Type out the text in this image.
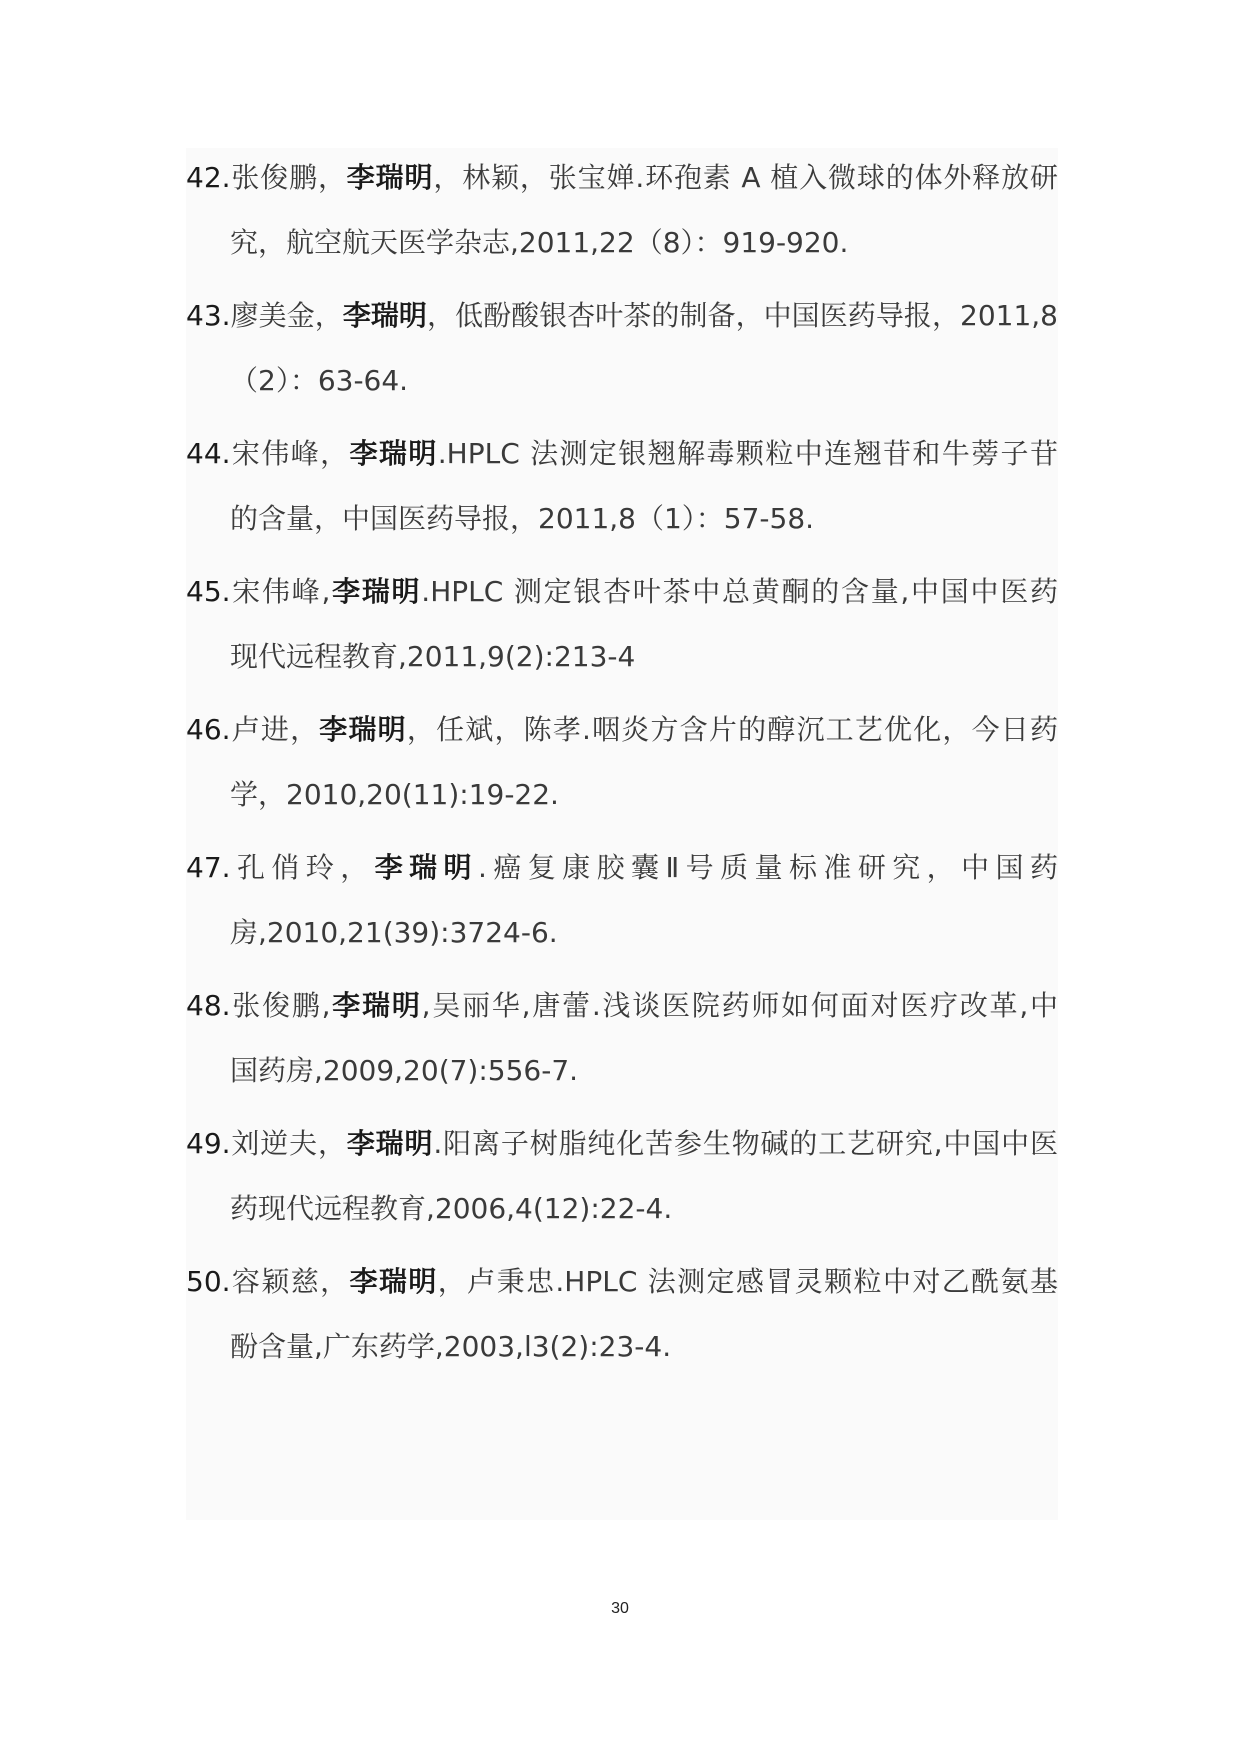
42.张俊鹏，李瑞明，林颖，张宝婵.环孢素 A 植入微球的体外释放研
究，航空航天医学杂志,2011,22（8）：919-920.
43.廖美金，李瑞明，低酚酸银杏叶茶的制备，中国医药导报，2011,8
（2）：63-64.
44.宋伟峰，李瑞明.HPLC 法测定银翘解毒颗粒中连翘苷和牛蒡子苷
的含量，中国医药导报，2011,8（1）：57-58.
45.宋伟峰,李瑞明.HPLC 测定银杏叶茶中总黄酮的含量,中国中医药
现代远程教育,2011,9(2):213-4
46.卢进，李瑞明，任斌，陈孝.咽炎方含片的醇沉工艺优化，今日药
学，2010,20(11):19-22.
47.孔俏玲，李瑞明.癌复康胶囊Ⅱ号质量标准研究，中国药
房,2010,21(39):3724-6.
48.张俊鹏,李瑞明,吴丽华,唐蕾.浅谈医院药师如何面对医疗改革,中
国药房,2009,20(7):556-7.
49.刘逆夫，李瑞明.阳离子树脂纯化苦参生物碱的工艺研究,中国中医
药现代远程教育,2006,4(12):22-4.
50.容颖慈，李瑞明，卢秉忠.HPLC 法测定感冒灵颗粒中对乙酰氨基
酚含量,广东药学,2003,l3(2):23-4.
30
